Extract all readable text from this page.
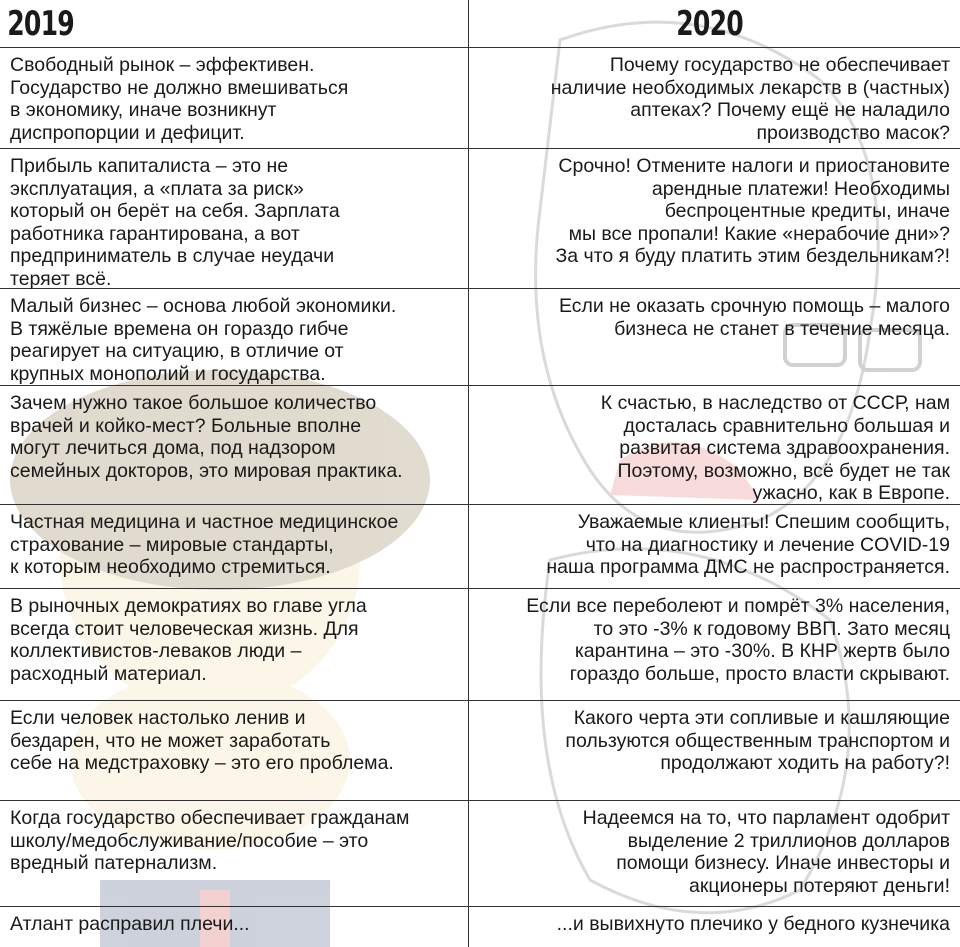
2019	2020
Свободный рынок – эффективен.
Государство не должно вмешиваться
в экономику, иначе возникнут
диспропорции и дефицит.
Почему государство не обеспечивает
наличие необходимых лекарств в (частных)
аптеках? Почему ещё не наладило
производство масок?
Прибыль капиталиста – это не
эксплуатация, а «плата за риск»
который он берёт на себя. Зарплата
работника гарантирована, а вот
предприниматель в случае неудачи
теряет всё.
Срочно! Отмените налоги и приостановите
арендные платежи! Необходимы
беспроцентные кредиты, иначе
мы все пропали! Какие «нерабочие дни»?
За что я буду платить этим бездельникам?!
Малый бизнес – основа любой экономики.
В тяжёлые времена он гораздо гибче
реагирует на ситуацию, в отличие от
крупных монополий и государства.
Если не оказать срочную помощь – малого
бизнеса не станет в течение месяца.
Зачем нужно такое большое количество
врачей и койко-мест? Больные вполне
могут лечиться дома, под надзором
семейных докторов, это мировая практика.
К счастью, в наследство от СССР, нам
досталась сравнительно большая и
развитая система здравоохранения.
Поэтому, возможно, всё будет не так
ужасно, как в Европе.
Частная медицина и частное медицинское
страхование – мировые стандарты,
к которым необходимо стремиться.
Уважаемые клиенты! Спешим сообщить,
что на диагностику и лечение COVID-19
наша программа ДМС не распространяется.
В рыночных демократиях во главе угла
всегда стоит человеческая жизнь. Для
коллективистов-леваков люди –
расходный материал.
Если все переболеют и помрёт 3% населения,
то это -3% к годовому ВВП. Зато месяц
карантина – это -30%. В КНР жертв было
гораздо больше, просто власти скрывают.
Если человек настолько ленив и
бездарен, что не может заработать
себе на медстраховку – это его проблема.
Какого черта эти сопливые и кашляющие
пользуются общественным транспортом и
продолжают ходить на работу?!
Когда государство обеспечивает гражданам
школу/медобслуживание/пособие – это
вредный патернализм.
Надеемся на то, что парламент одобрит
выделение 2 триллионов долларов
помощи бизнесу. Иначе инвесторы и
акционеры потеряют деньги!
Атлант расправил плечи...	...и вывихнуто плечико у бедного кузнечика
